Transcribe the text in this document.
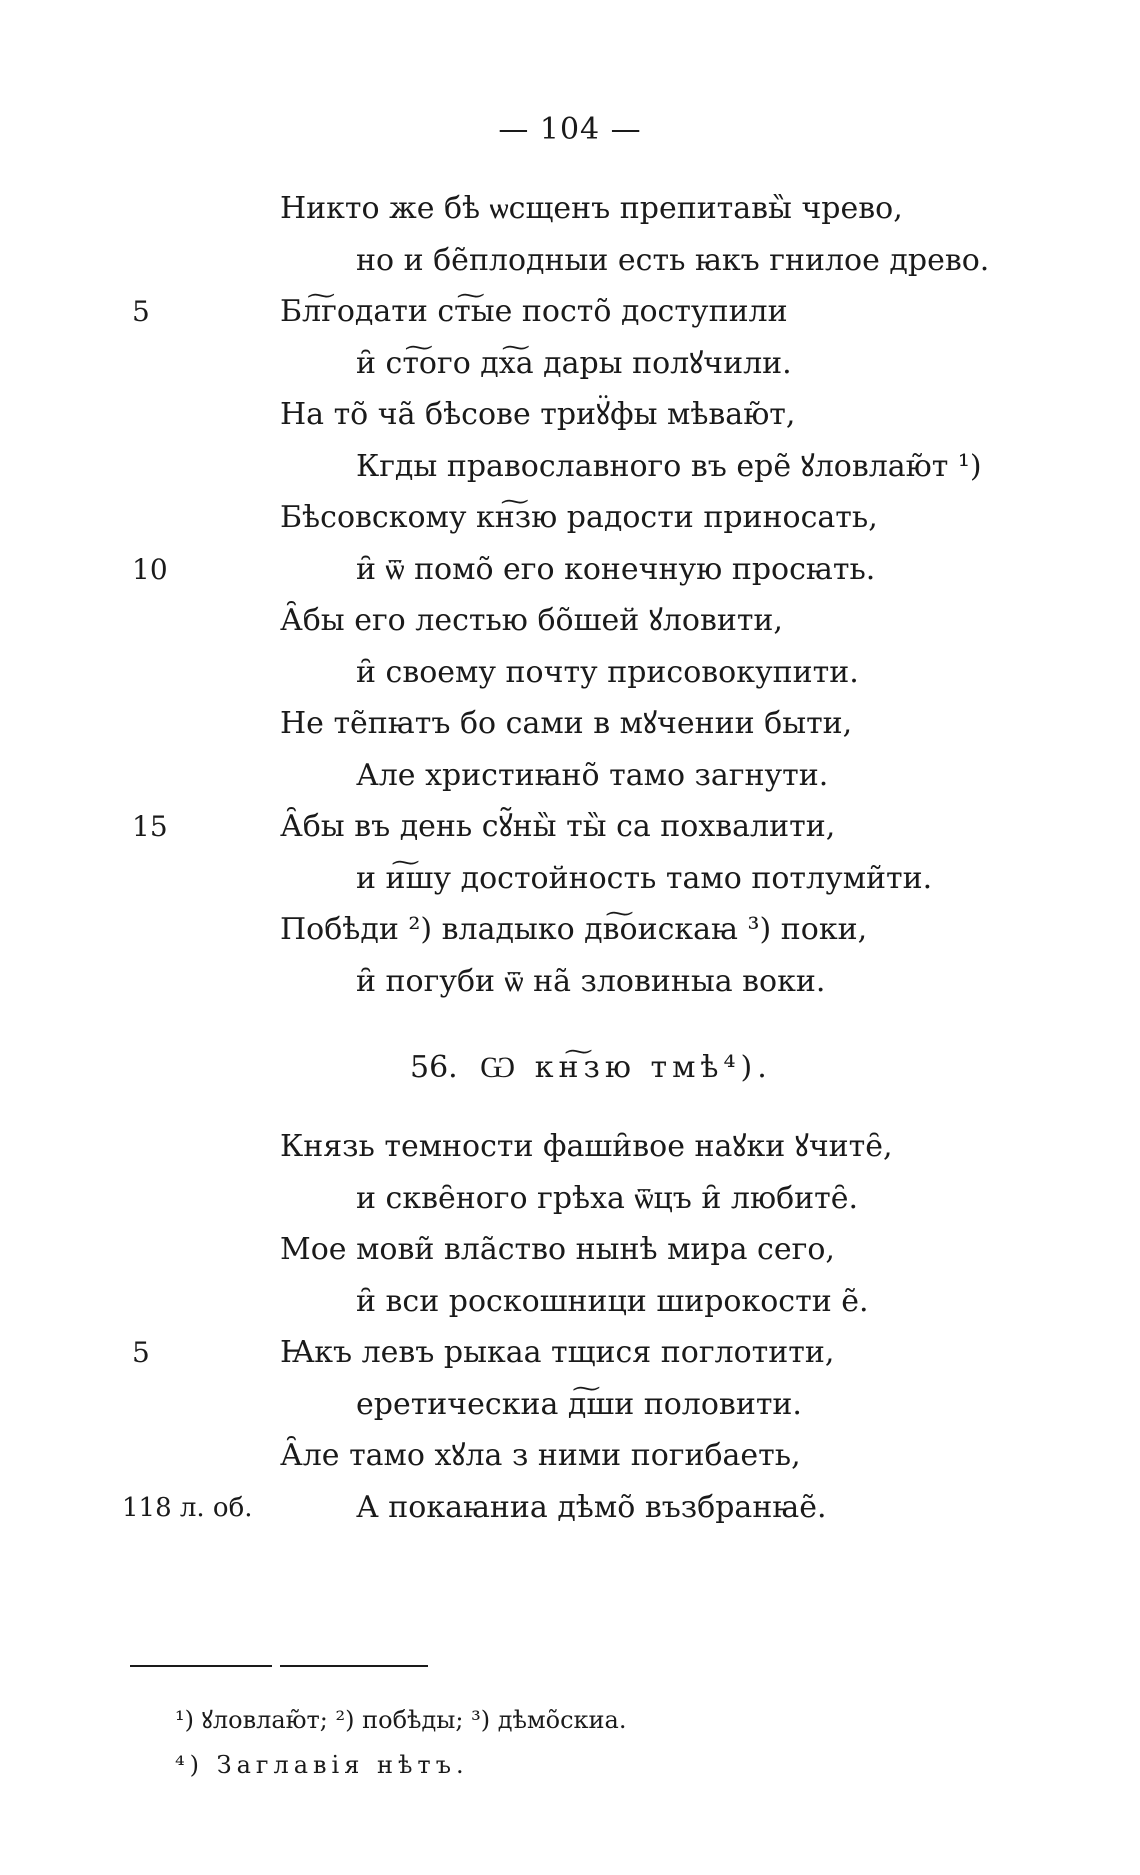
— 104 —
Никто же бѣ ѡсщенъ препитавы̏ чрево,
но и бе̃плодныи есть ꙗкъ гнилое древо.
5	Бл͠годати ст͠ые посто̃ доступили
и̑ ст͠ого дх͠а дары полꙋчили.
На то̃ ча̃ бѣсове триꙋ̈фы мѣваю̃т,
Кгды православного въ ере̃ ꙋловлаю̃т ¹)
Бѣсовскому кн͠зю радости приносать,
10	и̑ ѿ помо̃ его конечную просꙗть.
А̑бы его лестью бо̃шей ꙋловити,
и̑ своему почту присовокупити.
Не те̃пꙗтъ бо сами в мꙋчении быти,
Але христиꙗно̃ тамо загнути.
15	А̑бы въ день сꙋ̃ны̏ ты̏ са похвалити,
и и͠шу достойность тамо потлуми̃ти.
Побѣди ²) владыко дв͠оискаꙗ ³) поки,
и̑ погуби ѿ на̃ зловиныа воки.
56. Ѡ кн͠зю тмѣ⁴).
Князь темности фаши̑вое наꙋки ꙋчите̑,
и скве̑ного грѣха ѿцъ и̑ любите̑.
Мое мови̃ вла̃ство нынѣ мира сего,
и̑ вси роскошници широкости е̃.
5	Ꙗкъ левъ рыкаа тщися поглотити,
еретическиа д͠ши половити.
А̑ле тамо хꙋла з ними погибаеть,
118 л. об.	А покаꙗниа дѣмо̃ възбранꙗе̃.
¹) ꙋловлаю̃т; ²) побѣды; ³) дѣмо̃скиа.
⁴) Заглавія нѣтъ.
